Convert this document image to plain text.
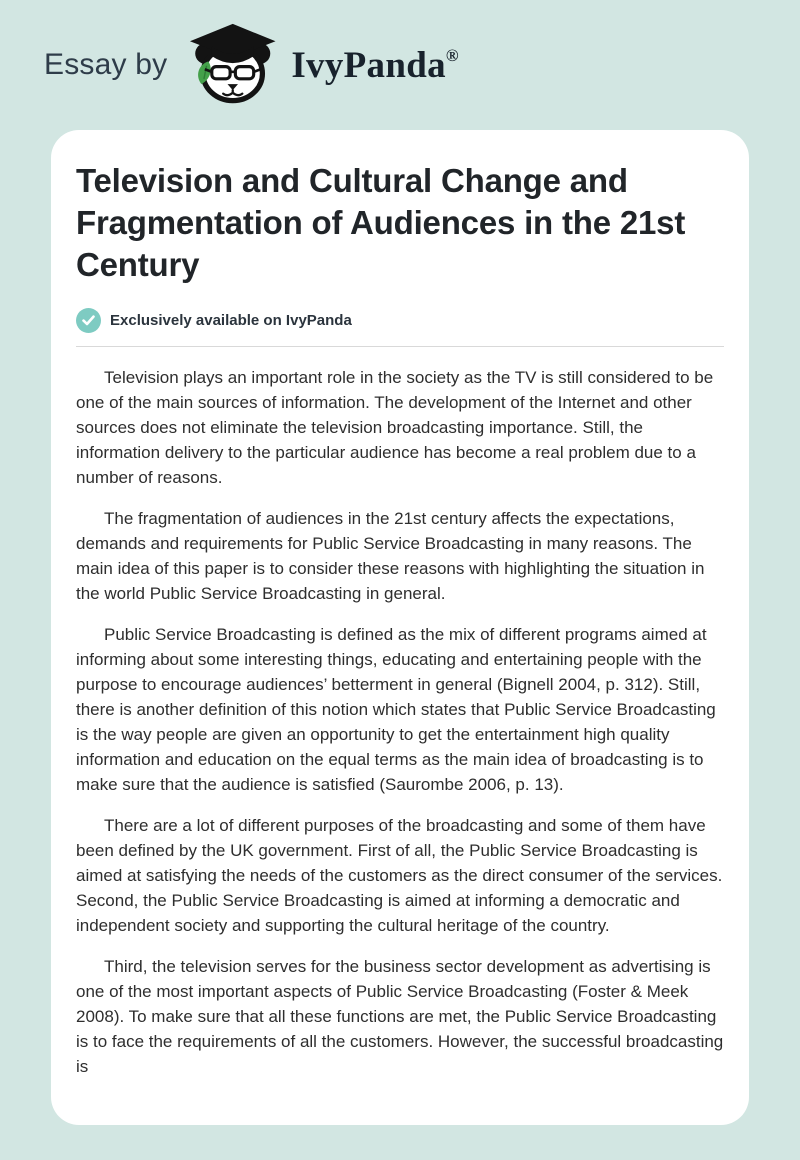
Essay by	IvyPanda®
Television and Cultural Change and Fragmentation of Audiences in the 21st Century
Exclusively available on IvyPanda

Television plays an important role in the society as the TV is still considered to be one of the main sources of information. The development of the Internet and other sources does not eliminate the television broadcasting importance. Still, the information delivery to the particular audience has become a real problem due to a number of reasons.

The fragmentation of audiences in the 21st century affects the expectations, demands and requirements for Public Service Broadcasting in many reasons. The main idea of this paper is to consider these reasons with highlighting the situation in the world Public Service Broadcasting in general.

Public Service Broadcasting is defined as the mix of different programs aimed at informing about some interesting things, educating and entertaining people with the purpose to encourage audiences’ betterment in general (Bignell 2004, p. 312). Still, there is another definition of this notion which states that Public Service Broadcasting is the way people are given an opportunity to get the entertainment high quality information and education on the equal terms as the main idea of broadcasting is to make sure that the audience is satisfied (Saurombe 2006, p. 13).

There are a lot of different purposes of the broadcasting and some of them have been defined by the UK government. First of all, the Public Service Broadcasting is aimed at satisfying the needs of the customers as the direct consumer of the services. Second, the Public Service Broadcasting is aimed at informing a democratic and independent society and supporting the cultural heritage of the country.

Third, the television serves for the business sector development as advertising is one of the most important aspects of Public Service Broadcasting (Foster & Meek 2008). To make sure that all these functions are met, the Public Service Broadcasting is to face the requirements of all the customers. However, the successful broadcasting is
